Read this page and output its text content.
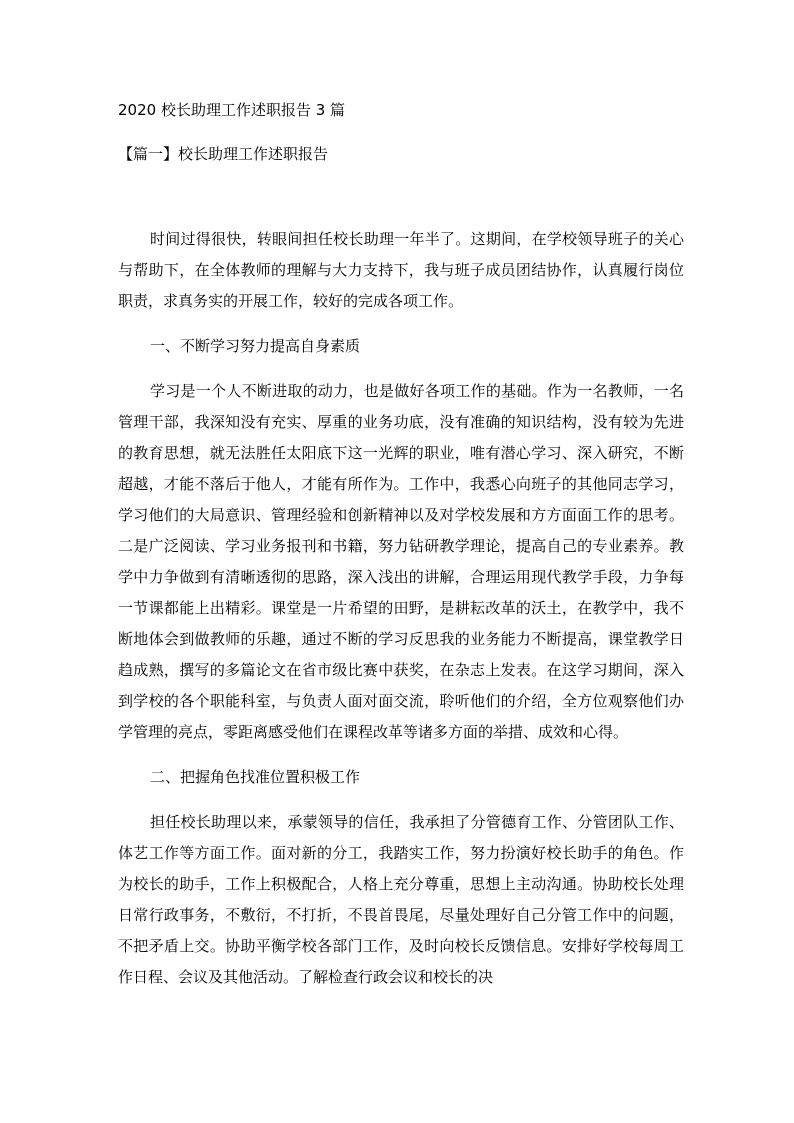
2020 校长助理工作述职报告 3 篇
【篇一】校长助理工作述职报告

时间过得很快，转眼间担任校长助理一年半了。这期间，在学校领导班子的关心与帮助下，在全体教师的理解与大力支持下，我与班子成员团结协作，认真履行岗位职责，求真务实的开展工作，较好的完成各项工作。

一、不断学习努力提高自身素质

学习是一个人不断进取的动力，也是做好各项工作的基础。作为一名教师，一名管理干部，我深知没有充实、厚重的业务功底，没有准确的知识结构，没有较为先进的教育思想，就无法胜任太阳底下这一光辉的职业，唯有潜心学习、深入研究，不断超越，才能不落后于他人，才能有所作为。工作中，我悉心向班子的其他同志学习，学习他们的大局意识、管理经验和创新精神以及对学校发展和方方面面工作的思考。二是广泛阅读、学习业务报刊和书籍，努力钻研教学理论，提高自己的专业素养。教学中力争做到有清晰透彻的思路，深入浅出的讲解，合理运用现代教学手段，力争每一节课都能上出精彩。课堂是一片希望的田野，是耕耘改革的沃土，在教学中，我不断地体会到做教师的乐趣，通过不断的学习反思我的业务能力不断提高，课堂教学日趋成熟，撰写的多篇论文在省市级比赛中获奖，在杂志上发表。在这学习期间，深入到学校的各个职能科室，与负责人面对面交流，聆听他们的介绍，全方位观察他们办学管理的亮点，零距离感受他们在课程改革等诸多方面的举措、成效和心得。

二、把握角色找准位置积极工作

担任校长助理以来，承蒙领导的信任，我承担了分管德育工作、分管团队工作、体艺工作等方面工作。面对新的分工，我踏实工作，努力扮演好校长助手的角色。作为校长的助手，工作上积极配合，人格上充分尊重，思想上主动沟通。协助校长处理日常行政事务，不敷衍，不打折，不畏首畏尾，尽量处理好自己分管工作中的问题，不把矛盾上交。协助平衡学校各部门工作，及时向校长反馈信息。安排好学校每周工作日程、会议及其他活动。了解检查行政会议和校长的决
